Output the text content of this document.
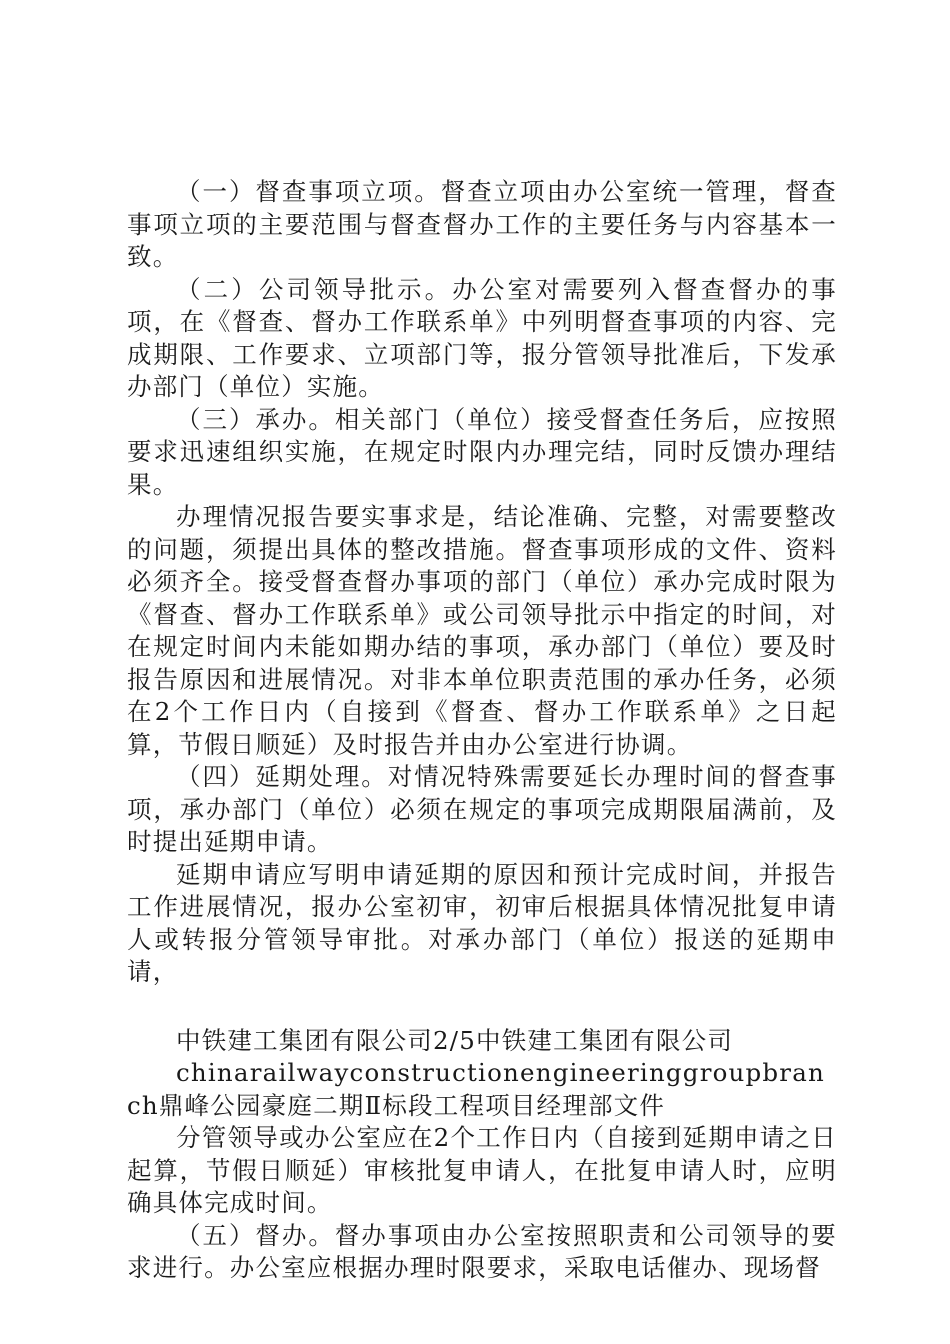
（一）督查事项立项。督查立项由办公室统一管理，督查事项立项的主要范围与督查督办工作的主要任务与内容基本一致。

（二）公司领导批示。办公室对需要列入督查督办的事项，在《督查、督办工作联系单》中列明督查事项的内容、完成期限、工作要求、立项部门等，报分管领导批准后，下发承办部门（单位）实施。

（三）承办。相关部门（单位）接受督查任务后，应按照要求迅速组织实施，在规定时限内办理完结，同时反馈办理结果。

办理情况报告要实事求是，结论准确、完整，对需要整改的问题，须提出具体的整改措施。督查事项形成的文件、资料必须齐全。接受督查督办事项的部门（单位）承办完成时限为《督查、督办工作联系单》或公司领导批示中指定的时间，对在规定时间内未能如期办结的事项，承办部门（单位）要及时报告原因和进展情况。对非本单位职责范围的承办任务，必须在2个工作日内（自接到《督查、督办工作联系单》之日起算，节假日顺延）及时报告并由办公室进行协调。

（四）延期处理。对情况特殊需要延长办理时间的督查事项，承办部门（单位）必须在规定的事项完成期限届满前，及时提出延期申请。

延期申请应写明申请延期的原因和预计完成时间，并报告工作进展情况，报办公室初审，初审后根据具体情况批复申请人或转报分管领导审批。对承办部门（单位）报送的延期申请，

中铁建工集团有限公司2/5中铁建工集团有限公司

chinarailwayconstructionengineeringgroupbranch鼎峰公园豪庭二期Ⅱ标段工程项目经理部文件

分管领导或办公室应在2个工作日内（自接到延期申请之日起算，节假日顺延）审核批复申请人，在批复申请人时，应明确具体完成时间。

（五）督办。督办事项由办公室按照职责和公司领导的要求进行。办公室应根据办理时限要求，采取电话催办、现场督
